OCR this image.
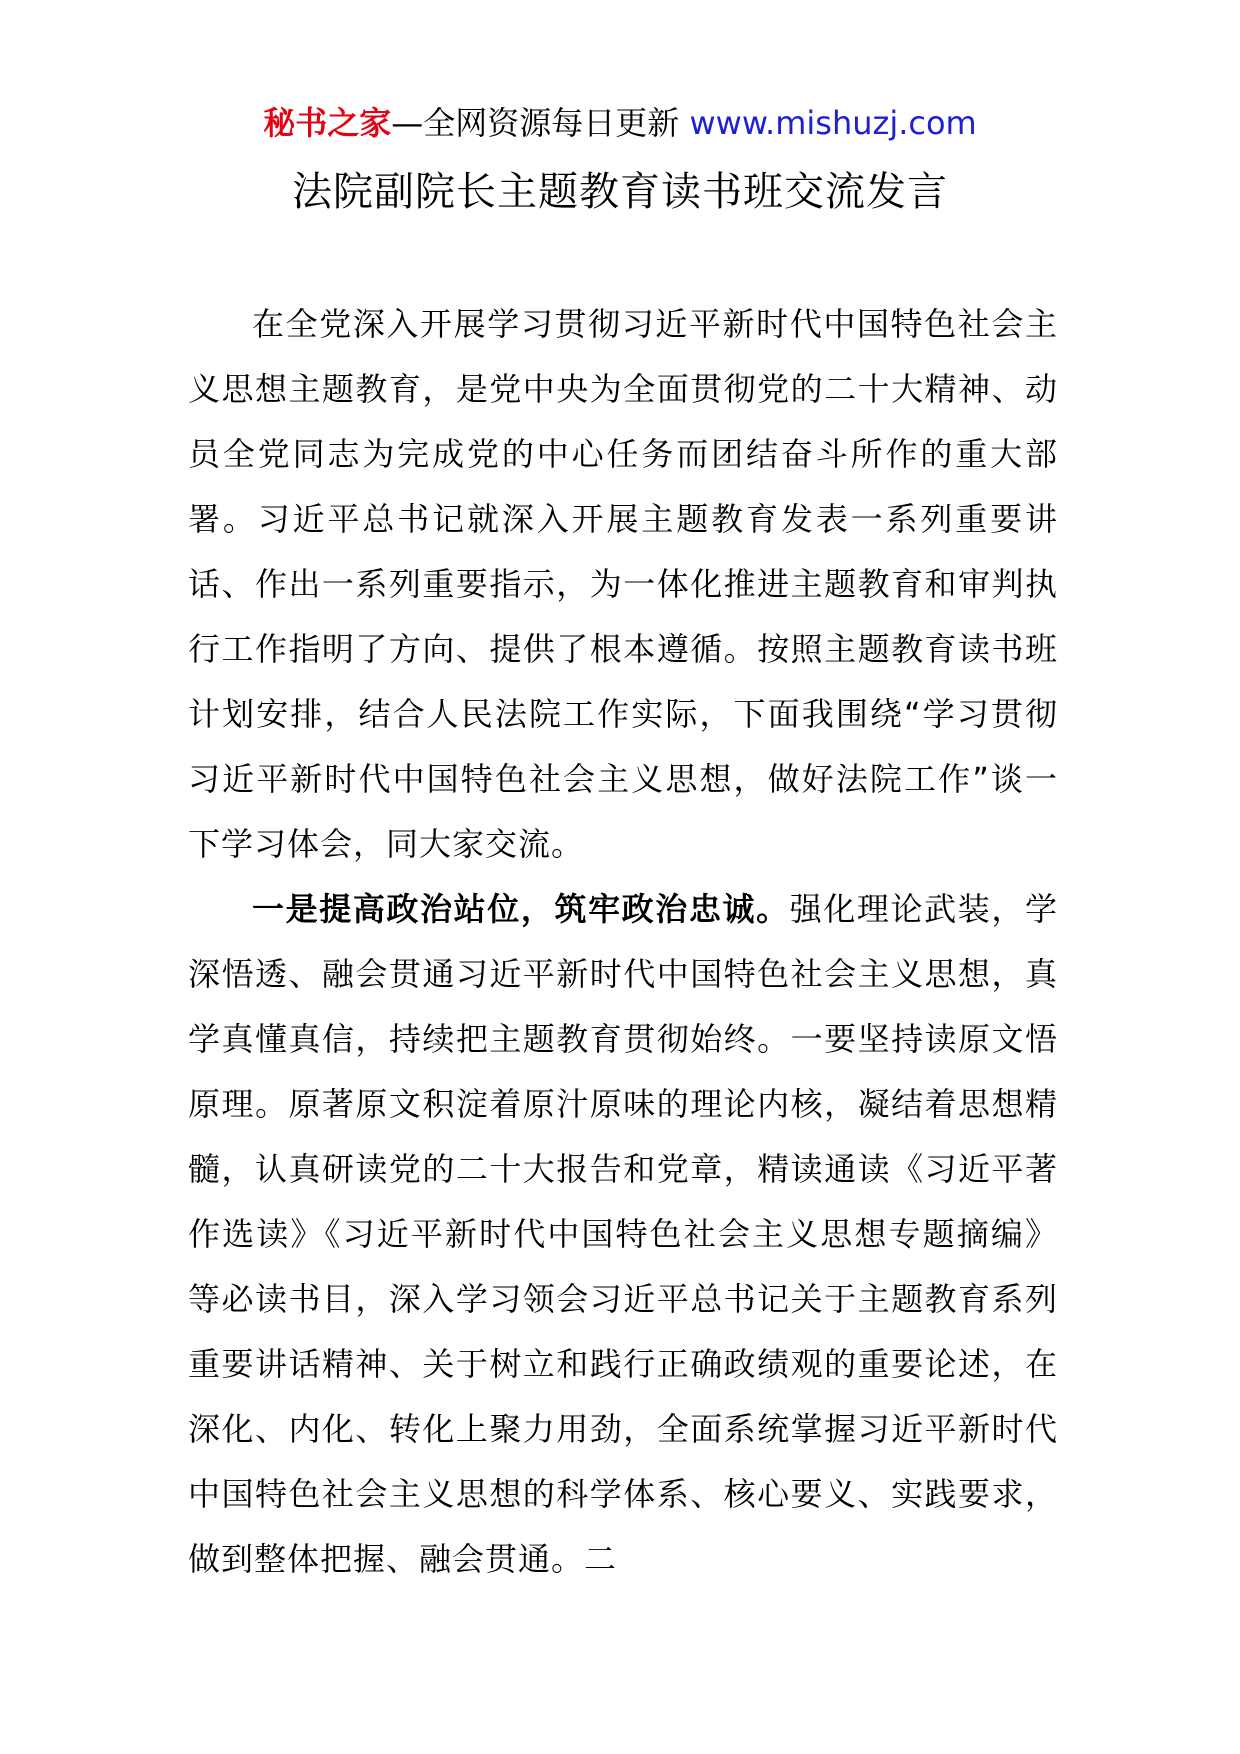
秘书之家—全网资源每日更新 www.mishuzj.com
法院副院长主题教育读书班交流发言

在全党深入开展学习贯彻习近平新时代中国特色社会主义思想主题教育，是党中央为全面贯彻党的二十大精神、动员全党同志为完成党的中心任务而团结奋斗所作的重大部署。习近平总书记就深入开展主题教育发表一系列重要讲话、作出一系列重要指示，为一体化推进主题教育和审判执行工作指明了方向、提供了根本遵循。按照主题教育读书班计划安排，结合人民法院工作实际，下面我围绕“学习贯彻习近平新时代中国特色社会主义思想，做好法院工作”谈一下学习体会，同大家交流。

一是提高政治站位，筑牢政治忠诚。强化理论武装，学深悟透、融会贯通习近平新时代中国特色社会主义思想，真学真懂真信，持续把主题教育贯彻始终。一要坚持读原文悟原理。原著原文积淀着原汁原味的理论内核，凝结着思想精髓，认真研读党的二十大报告和党章，精读通读《习近平著作选读》《习近平新时代中国特色社会主义思想专题摘编》等必读书目，深入学习领会习近平总书记关于主题教育系列重要讲话精神、关于树立和践行正确政绩观的重要论述，在深化、内化、转化上聚力用劲，全面系统掌握习近平新时代中国特色社会主义思想的科学体系、核心要义、实践要求，做到整体把握、融会贯通。二
